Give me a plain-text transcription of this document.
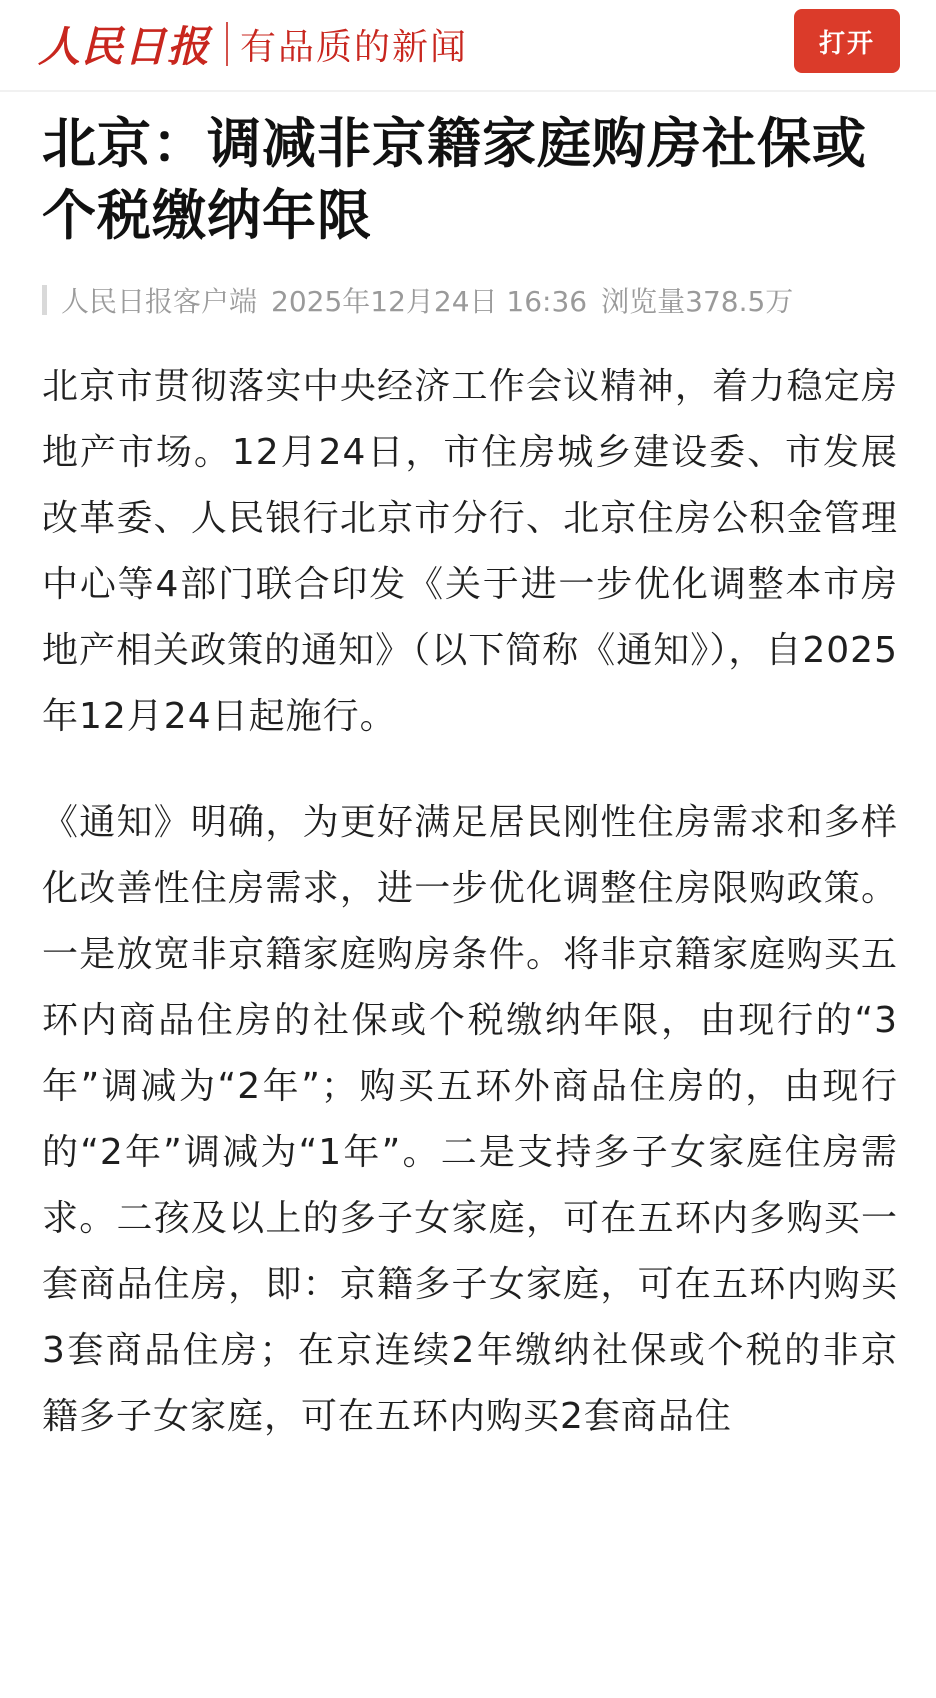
人民日报 有品质的新闻	打开
北京：调减非京籍家庭购房社保或个税缴纳年限
人民日报客户端 2025年12月24日 16:36 浏览量378.5万

北京市贯彻落实中央经济工作会议精神，着力稳定房地产市场。12月24日，市住房城乡建设委、市发展改革委、人民银行北京市分行、北京住房公积金管理中心等4部门联合印发《关于进一步优化调整本市房地产相关政策的通知》（以下简称《通知》），自2025年12月24日起施行。

《通知》明确，为更好满足居民刚性住房需求和多样化改善性住房需求，进一步优化调整住房限购政策。一是放宽非京籍家庭购房条件。将非京籍家庭购买五环内商品住房的社保或个税缴纳年限，由现行的“3年”调减为“2年”；购买五环外商品住房的，由现行的“2年”调减为“1年”。二是支持多子女家庭住房需求。二孩及以上的多子女家庭，可在五环内多购买一套商品住房，即：京籍多子女家庭，可在五环内购买3套商品住房；在京连续2年缴纳社保或个税的非京籍多子女家庭，可在五环内购买2套商品住
